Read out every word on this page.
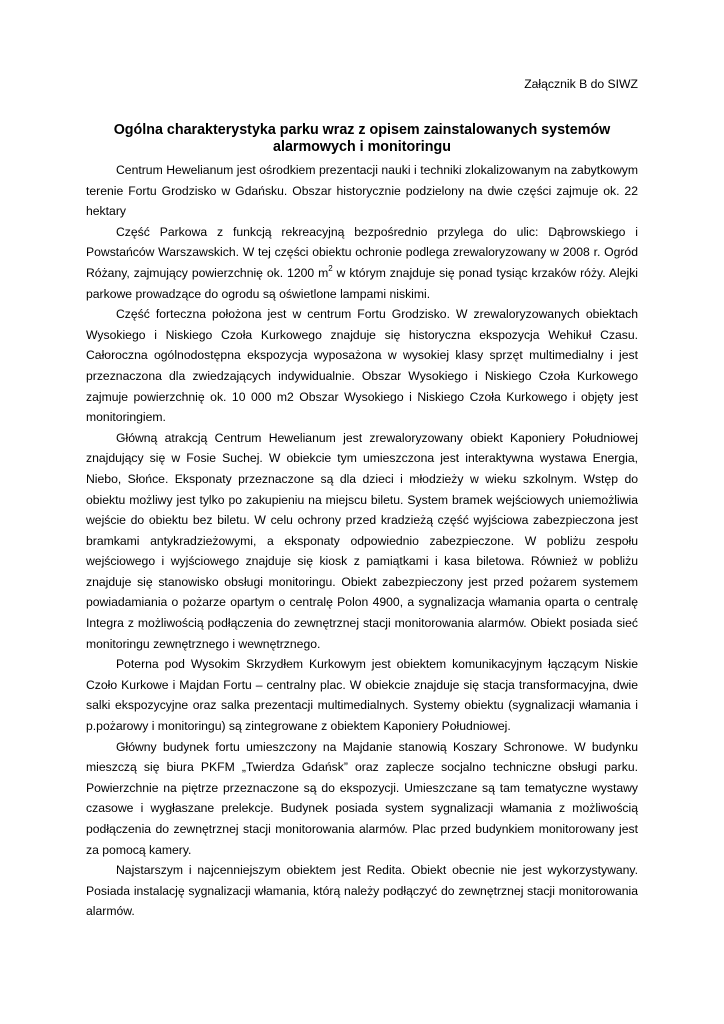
Załącznik B do SIWZ
Ogólna charakterystyka parku wraz z opisem zainstalowanych systemów alarmowych i monitoringu

Centrum Hewelianum jest ośrodkiem prezentacji nauki i techniki zlokalizowanym na zabytkowym terenie Fortu Grodzisko w Gdańsku. Obszar historycznie podzielony na dwie części zajmuje ok. 22 hektary

Część Parkowa z funkcją rekreacyjną bezpośrednio przylega do ulic: Dąbrowskiego i Powstańców Warszawskich. W tej części obiektu ochronie podlega zrewaloryzowany w 2008 r. Ogród Różany, zajmujący powierzchnię ok. 1200 $m^2$ w którym znajduje się ponad tysiąc krzaków róży. Alejki parkowe prowadzące do ogrodu są oświetlone lampami niskimi.

Część forteczna położona jest w centrum Fortu Grodzisko. W zrewaloryzowanych obiektach Wysokiego i Niskiego Czoła Kurkowego znajduje się historyczna ekspozycja Wehikuł Czasu. Całoroczna ogólnodostępna ekspozycja wyposażona w wysokiej klasy sprzęt multimedialny i jest przeznaczona dla zwiedzających indywidualnie. Obszar Wysokiego i Niskiego Czoła Kurkowego zajmuje powierzchnię ok. 10 000 m2 Obszar Wysokiego i Niskiego Czoła Kurkowego i objęty jest monitoringiem.

Główną atrakcją Centrum Hewelianum jest zrewaloryzowany obiekt Kaponiery Południowej znajdujący się w Fosie Suchej. W obiekcie tym umieszczona jest interaktywna wystawa Energia, Niebo, Słońce. Eksponaty przeznaczone są dla dzieci i młodzieży w wieku szkolnym. Wstęp do obiektu możliwy jest tylko po zakupieniu na miejscu biletu. System bramek wejściowych uniemożliwia wejście do obiektu bez biletu. W celu ochrony przed kradzieżą część wyjściowa zabezpieczona jest bramkami antykradzieżowymi, a eksponaty odpowiednio zabezpieczone. W pobliżu zespołu wejściowego i wyjściowego znajduje się kiosk z pamiątkami i kasa biletowa. Również w pobliżu znajduje się stanowisko obsługi monitoringu. Obiekt zabezpieczony jest przed pożarem systemem powiadamiania o pożarze opartym o centralę Polon 4900, a sygnalizacja włamania oparta o centralę Integra z możliwością podłączenia do zewnętrznej stacji monitorowania alarmów. Obiekt posiada sieć monitoringu zewnętrznego i wewnętrznego.

Poterna pod Wysokim Skrzydłem Kurkowym jest obiektem komunikacyjnym łączącym Niskie Czoło Kurkowe i Majdan Fortu – centralny plac. W obiekcie znajduje się stacja transformacyjna, dwie salki ekspozycyjne oraz salka prezentacji multimedialnych. Systemy obiektu (sygnalizacji włamania i p.pożarowy i monitoringu) są zintegrowane z obiektem Kaponiery Południowej.

Główny budynek fortu umieszczony na Majdanie stanowią Koszary Schronowe. W budynku mieszczą się biura PKFM „Twierdza Gdańsk” oraz zaplecze socjalno techniczne obsługi parku. Powierzchnie na piętrze przeznaczone są do ekspozycji. Umieszczane są tam tematyczne wystawy czasowe i wygłaszane prelekcje. Budynek posiada system sygnalizacji włamania z możliwością podłączenia do zewnętrznej stacji monitorowania alarmów. Plac przed budynkiem monitorowany jest za pomocą kamery.

Najstarszym i najcenniejszym obiektem jest Redita. Obiekt obecnie nie jest wykorzystywany. Posiada instalację sygnalizacji włamania, którą należy podłączyć do zewnętrznej stacji monitorowania alarmów.
